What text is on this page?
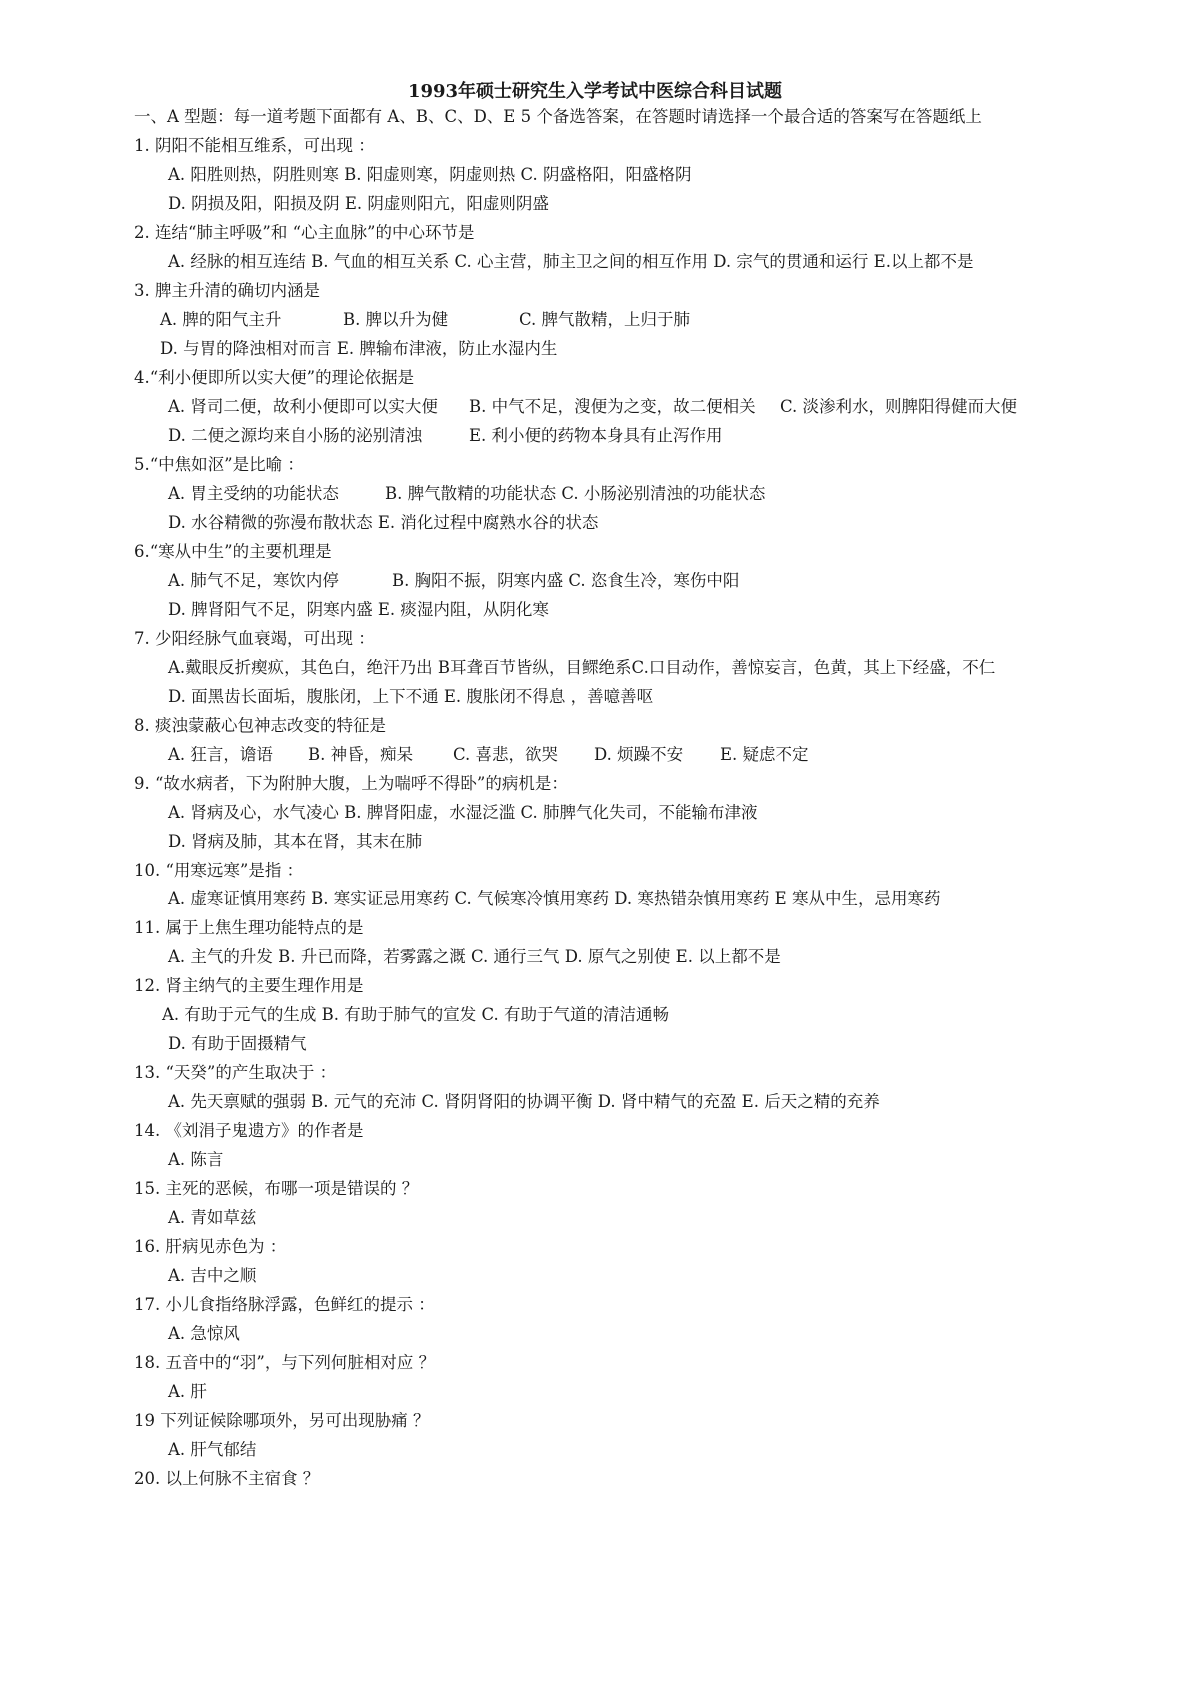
1993年硕士研究生入学考试中医综合科目试题
一、A 型题：每一道考题下面都有 A、B、C、D、E 5 个备选答案，在答题时请选择一个最合适的答案写在答题纸上
1. 阴阳不能相互维系，可出现 ：
A. 阳胜则热，阴胜则寒 B. 阳虚则寒，阴虚则热 C. 阴盛格阳，阳盛格阴
D. 阴损及阳，阳损及阴 E. 阴虚则阳亢，阳虚则阴盛
2. 连结“肺主呼吸”和 “心主血脉”的中心环节是
A. 经脉的相互连结 B. 气血的相互关系 C. 心主营，肺主卫之间的相互作用 D. 宗气的贯通和运行 E.以上都不是
3. 脾主升清的确切内涵是
A. 脾的阳气主升	B. 脾以升为健	C. 脾气散精，上归于肺
D. 与胃的降浊相对而言 E. 脾输布津液，防止水湿内生
4.“利小便即所以实大便”的理论依据是
A. 肾司二便，故利小便即可以实大便 B. 中气不足，溲便为之变，故二便相关 C. 淡渗利水，则脾阳得健而大便
D. 二便之源均来自小肠的泌别清浊	E. 利小便的药物本身具有止泻作用
5.“中焦如沤”是比喻 ：
A. 胃主受纳的功能状态	B. 脾气散精的功能状态 C. 小肠泌别清浊的功能状态
D. 水谷精微的弥漫布散状态 E. 消化过程中腐熟水谷的状态
6.“寒从中生”的主要机理是
A. 肺气不足，寒饮内停	B. 胸阳不振，阴寒内盛 C. 恣食生冷，寒伤中阳
D. 脾肾阳气不足，阴寒内盛 E. 痰湿内阻，从阴化寒
7. 少阳经脉气血衰竭，可出现 ：
A.戴眼反折瘈疭，其色白，绝汗乃出 B耳聋百节皆纵，目鳏绝系C.口目动作，善惊妄言，色黄，其上下经盛，不仁
D. 面黑齿长面垢，腹胀闭，上下不通 E. 腹胀闭不得息 ，善噫善呕
8. 痰浊蒙蔽心包神志改变的特征是
A. 狂言，谵语 B. 神昏，痴呆 C. 喜悲，欲哭 D. 烦躁不安 E. 疑虑不定
9. “故水病者，下为附肿大腹，上为喘呼不得卧”的病机是：
A. 肾病及心，水气凌心 B. 脾肾阳虚，水湿泛滥 C. 肺脾气化失司，不能输布津液
D. 肾病及肺，其本在肾，其末在肺
10. “用寒远寒”是指 ：
A. 虚寒证慎用寒药 B. 寒实证忌用寒药 C. 气候寒冷慎用寒药 D. 寒热错杂慎用寒药 E 寒从中生，忌用寒药
11. 属于上焦生理功能特点的是
A. 主气的升发 B. 升已而降，若雾露之溉 C. 通行三气 D. 原气之别使 E. 以上都不是
12. 肾主纳气的主要生理作用是
A. 有助于元气的生成 B. 有助于肺气的宣发 C. 有助于气道的清洁通畅
D. 有助于固摄精气
13. “天癸”的产生取决于 ：
A. 先天禀赋的强弱 B. 元气的充沛 C. 肾阴肾阳的协调平衡 D. 肾中精气的充盈 E. 后天之精的充养
14. 《刘涓子鬼遗方》的作者是
A. 陈言
15. 主死的恶候，布哪一项是错误的 ？
A. 青如草兹
16. 肝病见赤色为 ：
A. 吉中之顺
17. 小儿食指络脉浮露，色鲜红的提示 ：
A. 急惊风
18. 五音中的“羽”，与下列何脏相对应 ？
A. 肝
19 下列证候除哪项外，另可出现胁痛 ？
A. 肝气郁结
20. 以上何脉不主宿食 ？
